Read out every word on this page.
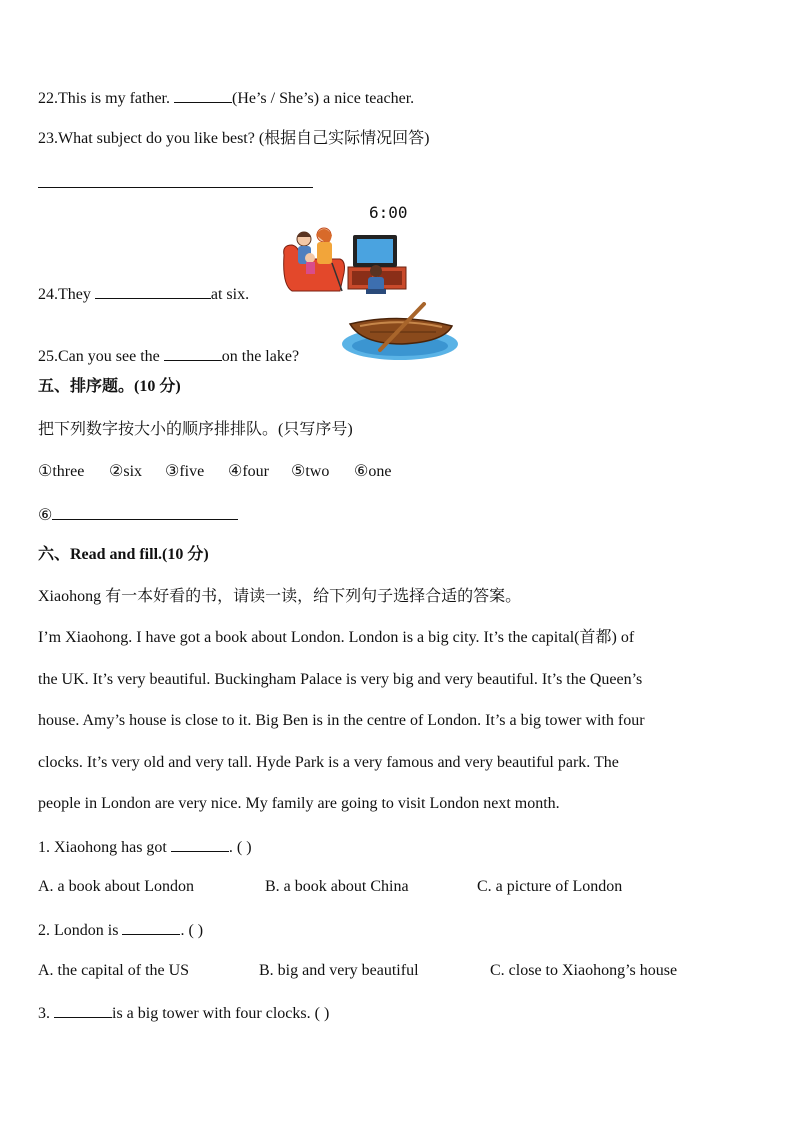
22.This is my father.	(He’s / She’s) a nice teacher.
23.What subject do you like best? (根据自己实际情况回答)
6:00
24.They	at six.
25.Can you see the	on the lake?
五、排序题。(10 分)
把下列数字按大小的顺序排排队。(只写序号)
①three ②six ③five ④four ⑤two ⑥one
⑥
六、Read and fill.(10 分)
Xiaohong 有一本好看的书，请读一读，给下列句子选择合适的答案。
I’m Xiaohong. I have got a book about London. London is a big city. It’s the capital(首都) of
the UK. It’s very beautiful. Buckingham Palace is very big and very beautiful. It’s the Queen’s
house. Amy’s house is close to it. Big Ben is in the centre of London. It’s a big tower with four
clocks. It’s very old and very tall. Hyde Park is a very famous and very beautiful park. The
people in London are very nice. My family are going to visit London next month.
1. Xiaohong has got	. ( )
A. a book about London	B. a book about China	C. a picture of London
2. London is	. ( )
A. the capital of the US	B. big and very beautiful	C. close to Xiaohong’s house
3.	is a big tower with four clocks. ( )
